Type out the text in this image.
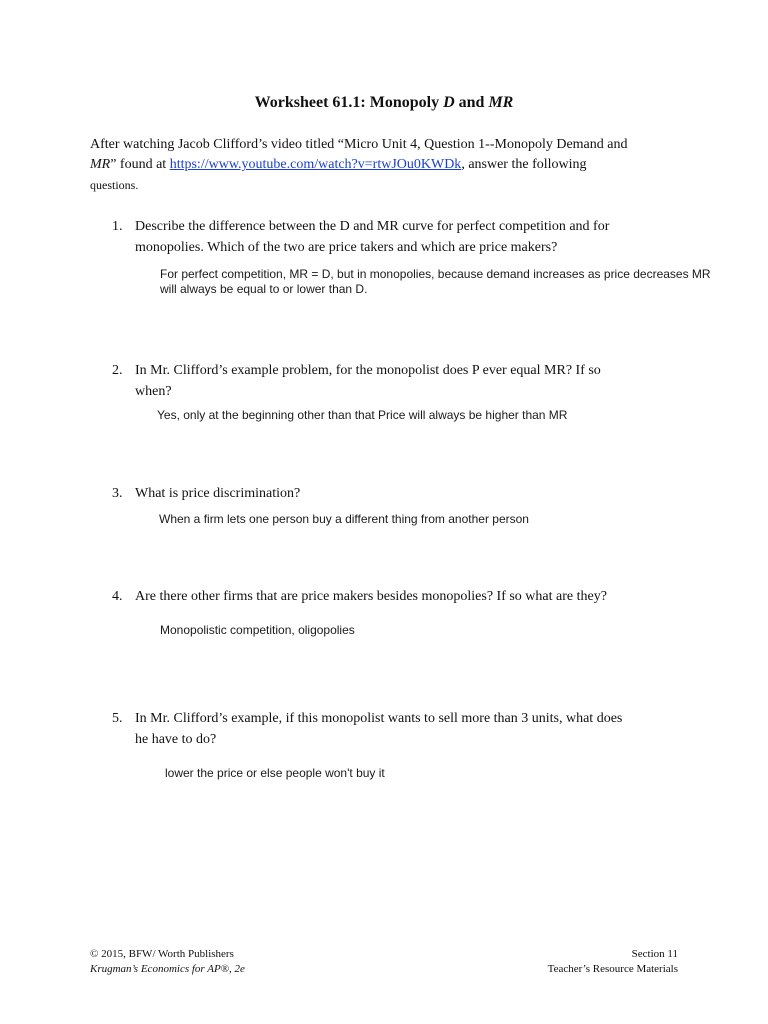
Worksheet 61.1: Monopoly D and MR
After watching Jacob Clifford’s video titled “Micro Unit 4, Question 1--Monopoly Demand and
MR” found at https://www.youtube.com/watch?v=rtwJOu0KWDk, answer the following
questions.
1. Describe the difference between the D and MR curve for perfect competition and for
monopolies. Which of the two are price takers and which are price makers?
For perfect competition, MR = D, but in monopolies, because demand increases as price decreases MR
will always be equal to or lower than D.
2. In Mr. Clifford’s example problem, for the monopolist does P ever equal MR? If so
when?
Yes, only at the beginning other than that Price will always be higher than MR
3. What is price discrimination?
When a firm lets one person buy a different thing from another person
4. Are there other firms that are price makers besides monopolies? If so what are they?
Monopolistic competition, oligopolies
5. In Mr. Clifford’s example, if this monopolist wants to sell more than 3 units, what does
he have to do?
lower the price or else people won't buy it
© 2015, BFW/ Worth Publishers
Krugman’s Economics for AP®, 2e
Section 11
Teacher’s Resource Materials
